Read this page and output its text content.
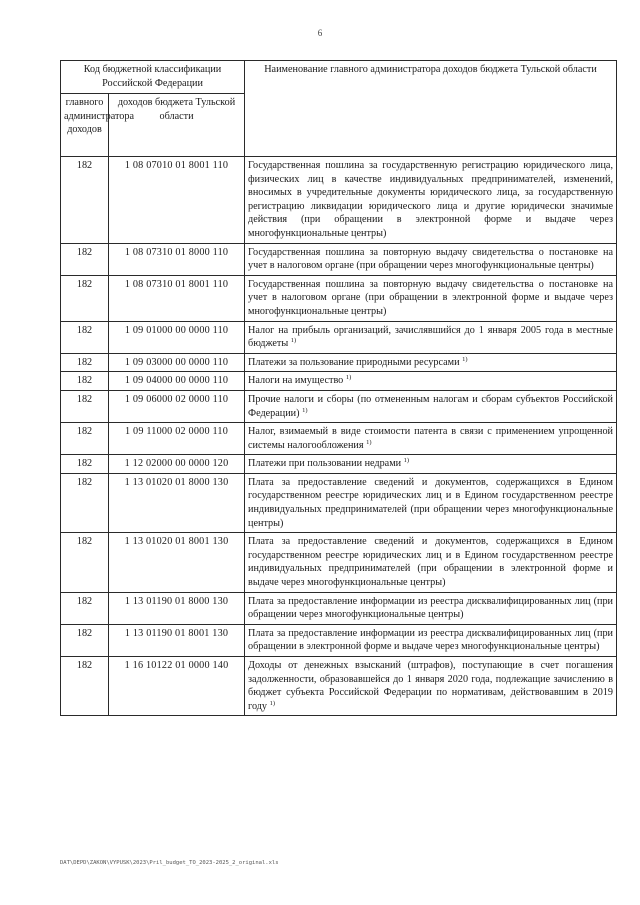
6
Код бюджетной классификации Российской Федерации		Наименование главного администратора доходов бюджета Тульской области
главного администратора доходов	доходов бюджета Тульской области	
182	1 08 07010 01 8001 110	Государственная пошлина за государственную регистрацию юридического лица, физических лиц в качестве индивидуальных предпринимателей, изменений, вносимых в учредительные документы юридического лица, за государственную регистрацию ликвидации юридического лица и другие юридически значимые действия (при обращении в электронной форме и выдаче через многофункциональные центры)
182	1 08 07310 01 8000 110	Государственная пошлина за повторную выдачу свидетельства о постановке на учет в налоговом органе (при обращении через многофункциональные центры)
182	1 08 07310 01 8001 110	Государственная пошлина за повторную выдачу свидетельства о постановке на учет в налоговом органе (при обращении в электронной форме и выдаче через многофункциональные центры)
182	1 09 01000 00 0000 110	Налог на прибыль организаций, зачислявшийся до 1 января 2005 года в местные бюджеты $^{1)}$
182	1 09 03000 00 0000 110	Платежи за пользование природными ресурсами $^{1)}$
182	1 09 04000 00 0000 110	Налоги на имущество $^{1)}$
182	1 09 06000 02 0000 110	Прочие налоги и сборы (по отмененным налогам и сборам субъектов Российской Федерации) $^{1)}$
182	1 09 11000 02 0000 110	Налог, взимаемый в виде стоимости патента в связи с применением упрощенной системы налогообложения $^{1)}$
182	1 12 02000 00 0000 120	Платежи при пользовании недрами $^{1)}$
182	1 13 01020 01 8000 130	Плата за предоставление сведений и документов, содержащихся в Едином государственном реестре юридических лиц и в Едином государственном реестре индивидуальных предпринимателей (при обращении через многофункциональные центры)
182	1 13 01020 01 8001 130	Плата за предоставление сведений и документов, содержащихся в Едином государственном реестре юридических лиц и в Едином государственном реестре индивидуальных предпринимателей (при обращении в электронной форме и выдаче через многофункциональные центры)
182	1 13 01190 01 8000 130	Плата за предоставление информации из реестра дисквалифицированных лиц (при обращении через многофункциональные центры)
182	1 13 01190 01 8001 130	Плата за предоставление информации из реестра дисквалифицированных лиц (при обращении в электронной форме и выдаче через многофункциональные центры)
182	1 16 10122 01 0000 140	Доходы от денежных взысканий (штрафов), поступающие в счет погашения задолженности, образовавшейся до 1 января 2020 года, подлежащие зачислению в бюджет субъекта Российской Федерации по нормативам, действовавшим в 2019 году $^{1)}$
DAT\DEPD\ZAKON\VYPUSK\2023\Pril_budget_TO_2023-2025_2_original.xls
